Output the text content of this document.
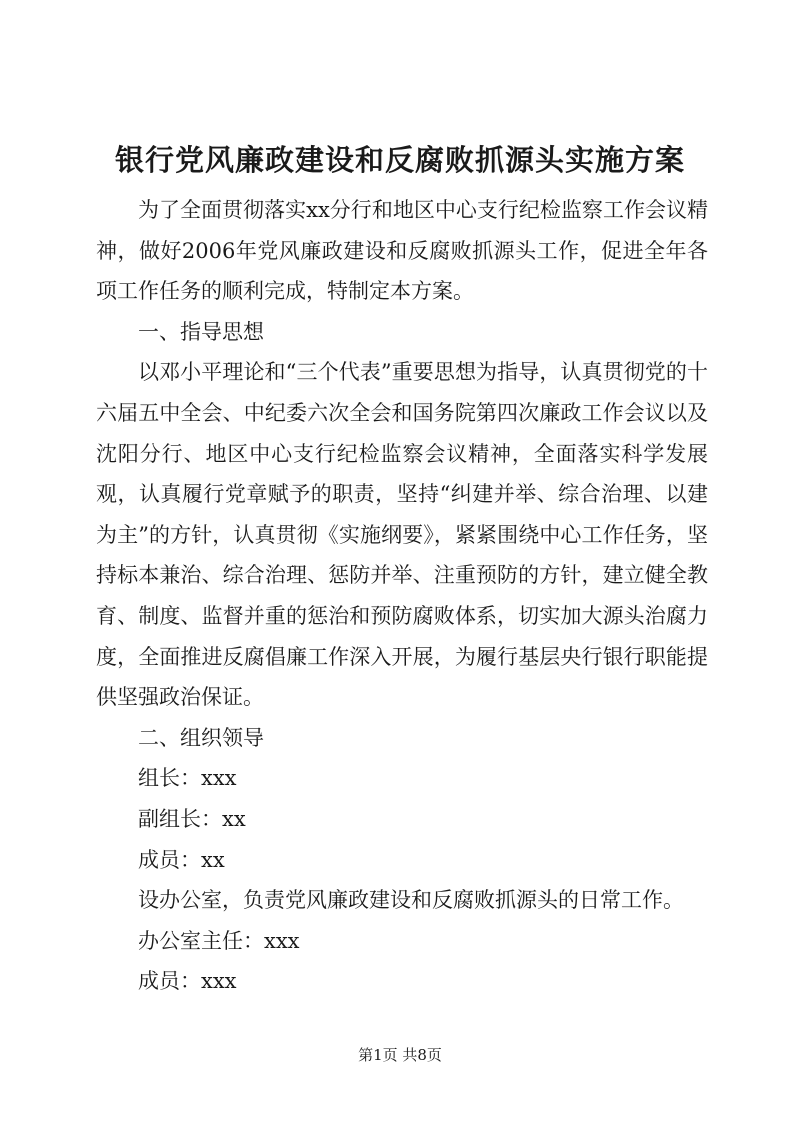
银行党风廉政建设和反腐败抓源头实施方案

为了全面贯彻落实xx分行和地区中心支行纪检监察工作会议精神，做好2006年党风廉政建设和反腐败抓源头工作，促进全年各项工作任务的顺利完成，特制定本方案。

一、指导思想

以邓小平理论和“三个代表”重要思想为指导，认真贯彻党的十六届五中全会、中纪委六次全会和国务院第四次廉政工作会议以及沈阳分行、地区中心支行纪检监察会议精神，全面落实科学发展观，认真履行党章赋予的职责，坚持“纠建并举、综合治理、以建为主”的方针，认真贯彻《实施纲要》，紧紧围绕中心工作任务，坚持标本兼治、综合治理、惩防并举、注重预防的方针，建立健全教育、制度、监督并重的惩治和预防腐败体系，切实加大源头治腐力度，全面推进反腐倡廉工作深入开展，为履行基层央行银行职能提供坚强政治保证。

二、组织领导

组长：xxx

副组长：xx

成员：xx

设办公室，负责党风廉政建设和反腐败抓源头的日常工作。

办公室主任：xxx

成员：xxx

第1页 共8页
